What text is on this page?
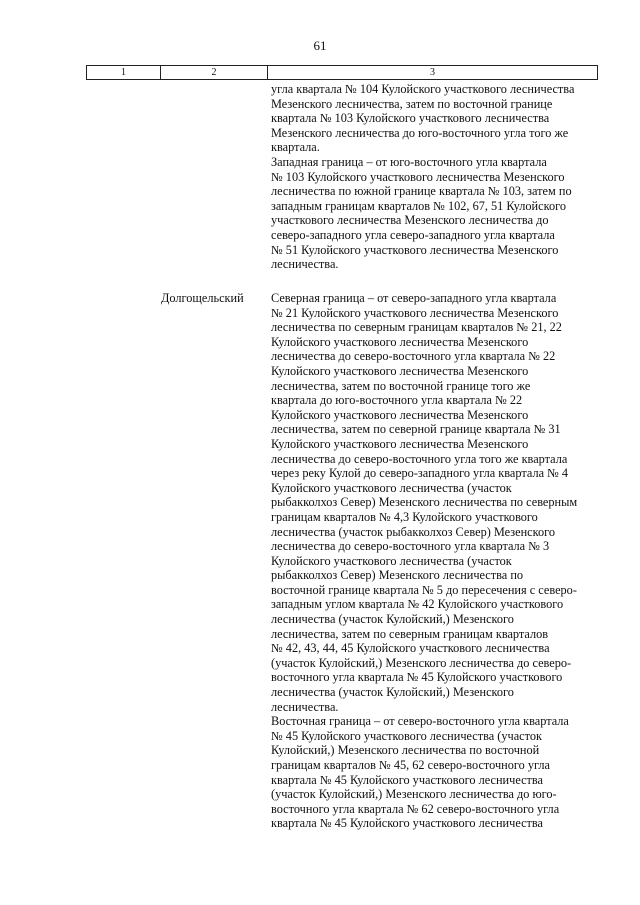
61
1	2	3
угла квартала № 104 Кулойского участкового лесничества
Мезенского лесничества, затем по восточной границе
квартала № 103 Кулойского участкового лесничества
Мезенского лесничества до юго-восточного угла того же
квартала.
Западная граница – от юго-восточного угла квартала
№ 103 Кулойского участкового лесничества Мезенского
лесничества по южной границе квартала № 103, затем по
западным границам кварталов № 102, 67, 51 Кулойского
участкового лесничества Мезенского лесничества до
северо-западного угла северо-западного угла квартала
№ 51 Кулойского участкового лесничества Мезенского
лесничества.
Долгощельский Северная граница – от северо-западного угла квартала
№ 21 Кулойского участкового лесничества Мезенского
лесничества по северным границам кварталов № 21, 22
Кулойского участкового лесничества Мезенского
лесничества до северо-восточного угла квартала № 22
Кулойского участкового лесничества Мезенского
лесничества, затем по восточной границе того же
квартала до юго-восточного угла квартала № 22
Кулойского участкового лесничества Мезенского
лесничества, затем по северной границе квартала № 31
Кулойского участкового лесничества Мезенского
лесничества до северо-восточного угла того же квартала
через реку Кулой до северо-западного угла квартала № 4
Кулойского участкового лесничества (участок
рыбакколхоз Север) Мезенского лесничества по северным
границам кварталов № 4,3 Кулойского участкового
лесничества (участок рыбакколхоз Север) Мезенского
лесничества до северо-восточного угла квартала № 3
Кулойского участкового лесничества (участок
рыбакколхоз Север) Мезенского лесничества по
восточной границе квартала № 5 до пересечения с северо-
западным углом квартала № 42 Кулойского участкового
лесничества (участок Кулойский,) Мезенского
лесничества, затем по северным границам кварталов
№ 42, 43, 44, 45 Кулойского участкового лесничества
(участок Кулойский,) Мезенского лесничества до северо-
восточного угла квартала № 45 Кулойского участкового
лесничества (участок Кулойский,) Мезенского
лесничества.
Восточная граница – от северо-восточного угла квартала
№ 45 Кулойского участкового лесничества (участок
Кулойский,) Мезенского лесничества по восточной
границам кварталов № 45, 62 северо-восточного угла
квартала № 45 Кулойского участкового лесничества
(участок Кулойский,) Мезенского лесничества до юго-
восточного угла квартала № 62 северо-восточного угла
квартала № 45 Кулойского участкового лесничества
